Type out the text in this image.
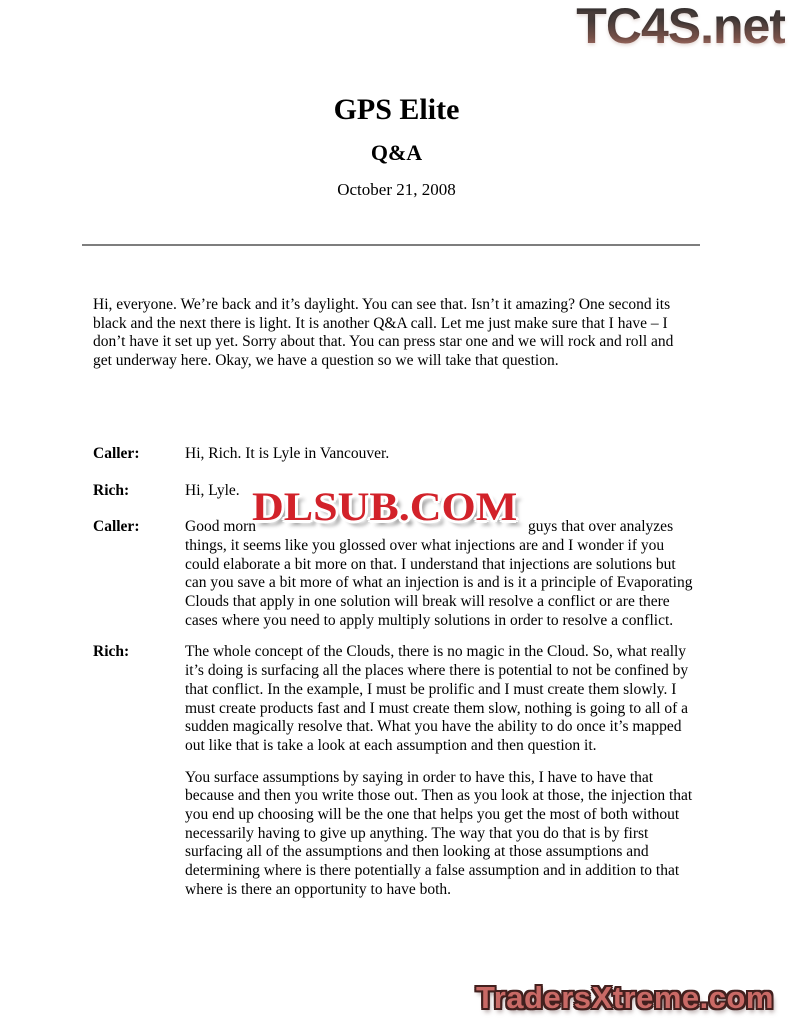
TC4S.net
GPS Elite
Q&A
October 21, 2008
Hi, everyone. We’re back and it’s daylight. You can see that. Isn’t it amazing? One second its
black and the next there is light. It is another Q&A call. Let me just make sure that I have – I
don’t have it set up yet. Sorry about that. You can press star one and we will rock and roll and
get underway here. Okay, we have a question so we will take that question.
Caller:	Hi, Rich. It is Lyle in Vancouver.
Rich:	Hi, Lyle.
Caller:	Good morn	guys that over analyzes
things, it seems like you glossed over what injections are and I wonder if you
could elaborate a bit more on that. I understand that injections are solutions but
can you save a bit more of what an injection is and is it a principle of Evaporating
Clouds that apply in one solution will break will resolve a conflict or are there
cases where you need to apply multiply solutions in order to resolve a conflict.
Rich:	The whole concept of the Clouds, there is no magic in the Cloud. So, what really
it’s doing is surfacing all the places where there is potential to not be confined by
that conflict. In the example, I must be prolific and I must create them slowly. I
must create products fast and I must create them slow, nothing is going to all of a
sudden magically resolve that. What you have the ability to do once it’s mapped
out like that is take a look at each assumption and then question it.
You surface assumptions by saying in order to have this, I have to have that
because and then you write those out. Then as you look at those, the injection that
you end up choosing will be the one that helps you get the most of both without
necessarily having to give up anything. The way that you do that is by first
surfacing all of the assumptions and then looking at those assumptions and
determining where is there potentially a false assumption and in addition to that
where is there an opportunity to have both.
DLSUB.COM
TradersXtreme.com
